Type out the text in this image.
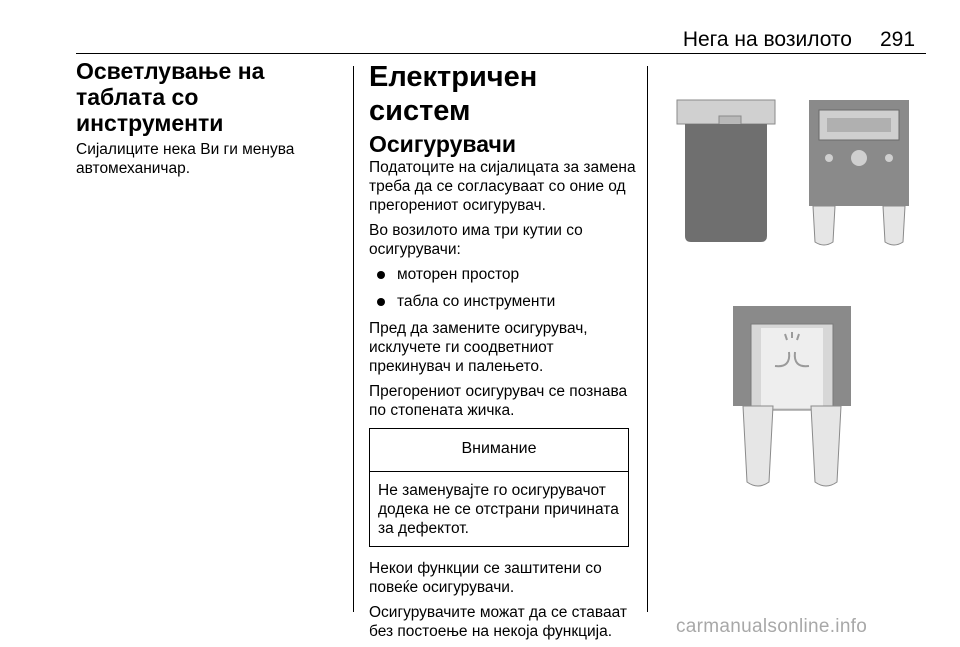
Нега на возилото 291
Осветлување на таблата со инструменти

Сијалиците нека Ви ги менува автомеханичар.

Електричен систем
Осигурувачи

Податоците на сијалицата за замена треба да се согласуваат со оние од прегорениот осигурувач.

Во возилото има три кутии со осигурувачи:

моторен простор
табла со инструменти

Пред да замените осигурувач, исклучете ги соодветниот прекинувач и палењето.

Прегорениот осигурувач се познава по стопената жичка.

Внимание
Не заменувајте го осигурувачот додека не се отстрани причината за дефектот.

Некои функции се заштитени со повеќе осигурувачи.

Осигурувачите можат да се ставаат без постоење на некоја функција.	carmanualsonline.info
